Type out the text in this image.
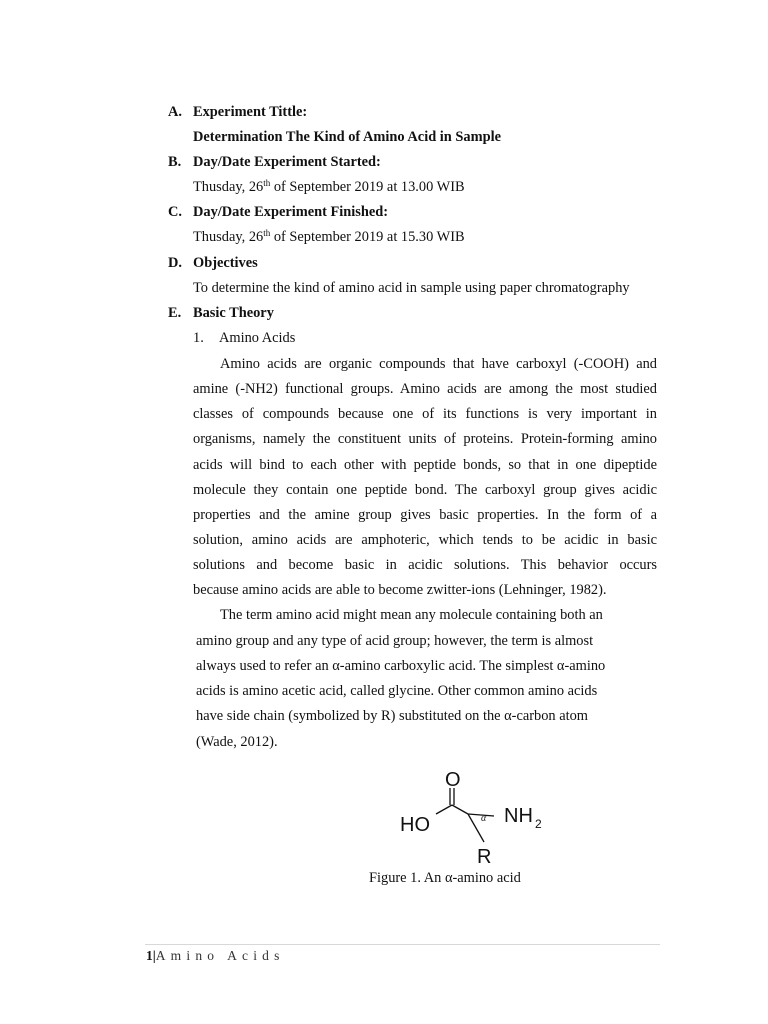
A. Experiment Tittle:
Determination The Kind of Amino Acid in Sample
B. Day/Date Experiment Started:
Thusday, 26th of September 2019 at 13.00 WIB
C. Day/Date Experiment Finished:
Thusday, 26th of September 2019 at 15.30 WIB
D. Objectives
To determine the kind of amino acid in sample using paper chromatography
E. Basic Theory
1. Amino Acids
Amino acids are organic compounds that have carboxyl (-COOH) and
amine (-NH2) functional groups. Amino acids are among the most studied
classes of compounds because one of its functions is very important in
organisms, namely the constituent units of proteins. Protein-forming amino
acids will bind to each other with peptide bonds, so that in one dipeptide
molecule they contain one peptide bond. The carboxyl group gives acidic
properties and the amine group gives basic properties. In the form of a
solution, amino acids are amphoteric, which tends to be acidic in basic
solutions and become basic in acidic solutions. This behavior occurs
because amino acids are able to become zwitter-ions (Lehninger, 1982).
The term amino acid might mean any molecule containing both an
amino group and any type of acid group; however, the term is almost
always used to refer an α-amino carboxylic acid. The simplest α-amino
acids is amino acetic acid, called glycine. Other common amino acids
have side chain (symbolized by R) substituted on the α-carbon atom
(Wade, 2012).
O
HO	α NH 2
R
Figure 1. An α-amino acid
1|Amino Acids
